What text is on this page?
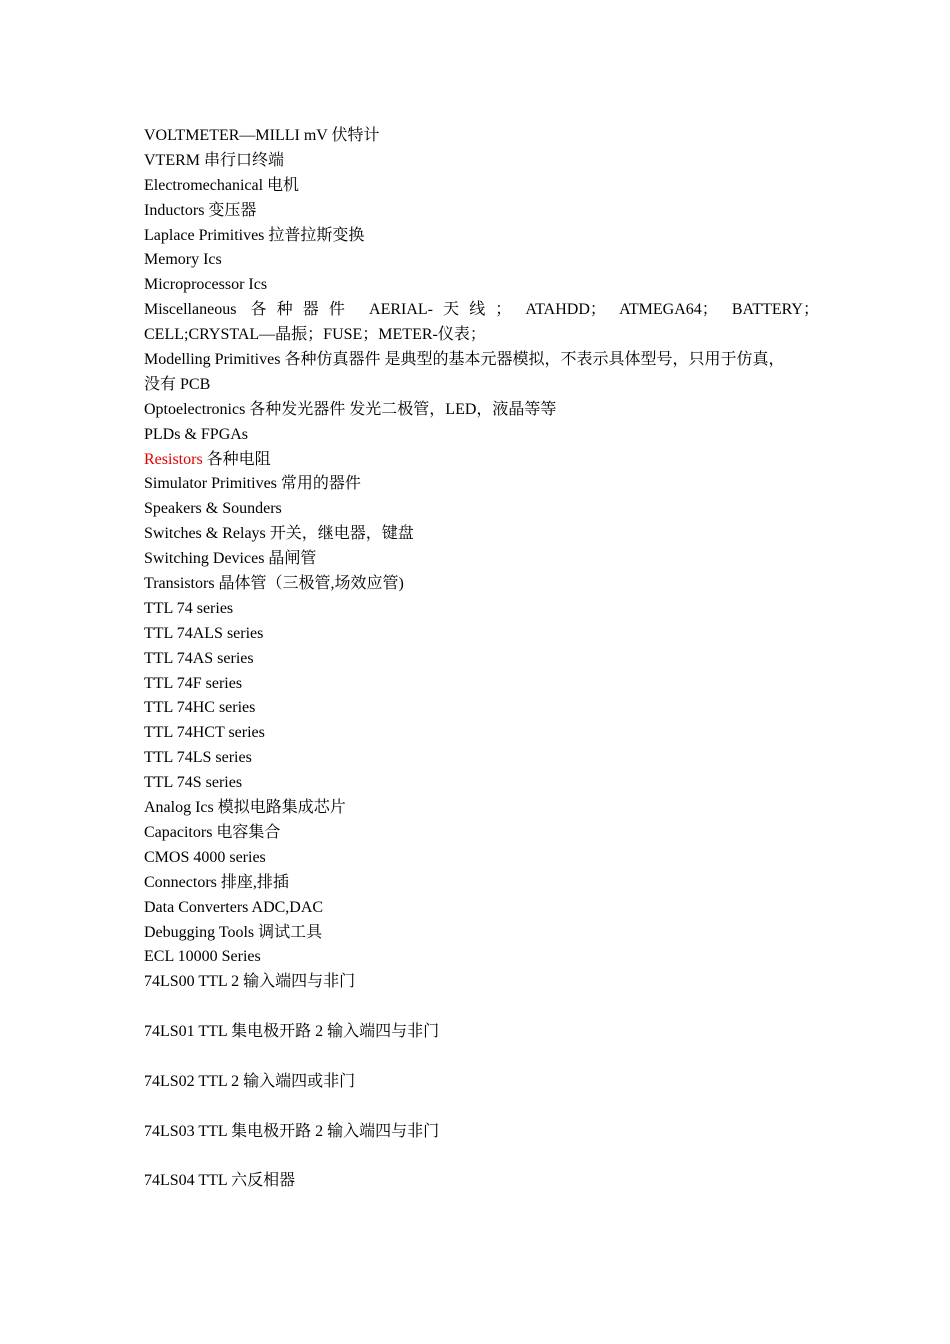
VOLTMETER—MILLI mV 伏特计
VTERM 串行口终端
Electromechanical 电机
Inductors 变压器
Laplace Primitives 拉普拉斯变换
Memory Ics
Microprocessor Ics
Miscellaneous 各种器件 AERIAL-天线； ATAHDD； ATMEGA64； BATTERY；
CELL;CRYSTAL—晶振；FUSE；METER-仪表；
Modelling Primitives 各种仿真器件 是典型的基本元器模拟，不表示具体型号，只用于仿真，
没有 PCB
Optoelectronics 各种发光器件 发光二极管，LED，液晶等等
PLDs & FPGAs
Resistors 各种电阻
Simulator Primitives 常用的器件
Speakers & Sounders
Switches & Relays 开关，继电器，键盘
Switching Devices 晶闸管
Transistors 晶体管（三极管,场效应管)
TTL 74 series
TTL 74ALS series
TTL 74AS series
TTL 74F series
TTL 74HC series
TTL 74HCT series
TTL 74LS series
TTL 74S series
Analog Ics 模拟电路集成芯片
Capacitors 电容集合
CMOS 4000 series
Connectors 排座,排插
Data Converters ADC,DAC
Debugging Tools 调试工具
ECL 10000 Series
74LS00 TTL 2 输入端四与非门
74LS01 TTL 集电极开路 2 输入端四与非门
74LS02 TTL 2 输入端四或非门
74LS03 TTL 集电极开路 2 输入端四与非门
74LS04 TTL 六反相器
